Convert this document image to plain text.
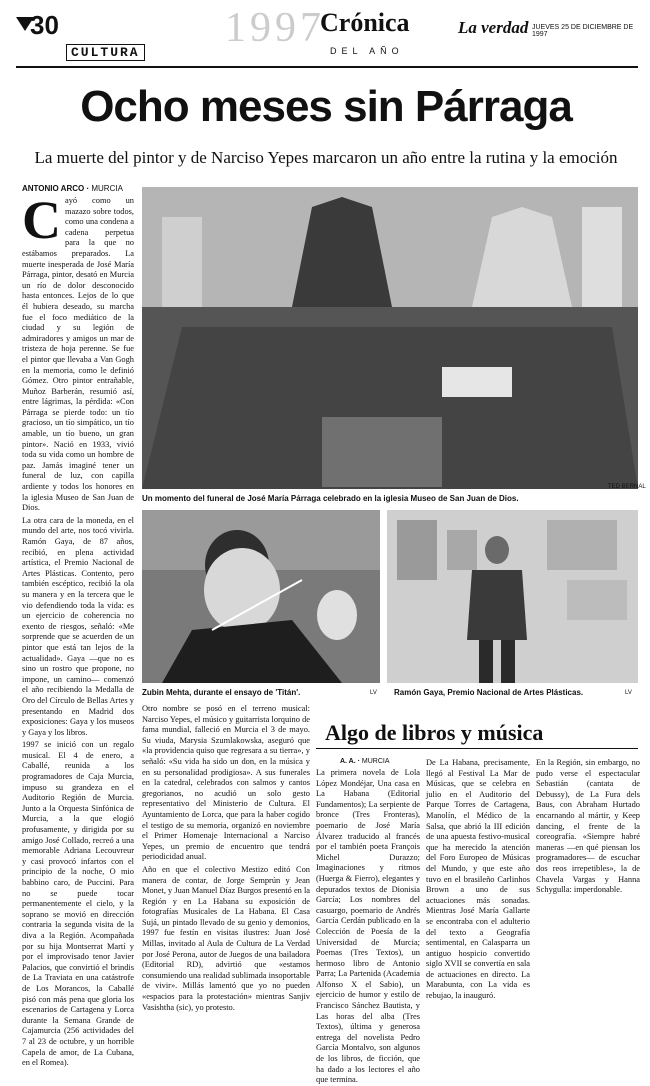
30
CULTURA
1997
Crónica
DEL AÑO
La verdad JUEVES 25 DE DICIEMBRE DE 1997
Ocho meses sin Párraga
La muerte del pintor y de Narciso Yepes marcaron un año entre la rutina y la emoción
ANTONIO ARCO · MURCIA
C ayó como un mazazo sobre todos, como una condena a cadena perpetua para la que no estábamos preparados. La muerte inesperada de José María Párraga, pintor, desató en Murcia un río de dolor desconocido hasta entonces. Lejos de lo que él hubiera deseado, su marcha fue el foco mediático de la ciudad y su legión de admiradores y amigos un mar de tristeza de hoja perenne. Se fue el pintor que llevaba a Van Gogh en la memoria, como le definió Gómez. Otro pintor entrañable, Muñoz Barberán, resumió así, entre lágrimas, la pérdida: «Con Párraga se pierde todo: un tío gracioso, un tío simpático, un tío amable, un tío bueno, un gran pintor». Nació en 1933, vivió toda su vida como un hombre de paz. Jamás imaginé tener un funeral de luz, con capilla ardiente y todos los honores en la iglesia Museo de San Juan de Dios.

La otra cara de la moneda, en el mundo del arte, nos tocó vivirla. Ramón Gaya, de 87 años, recibió, en plena actividad artística, el Premio Nacional de Artes Plásticas. Contento, pero también escéptico, recibió la ola su manera y en la tercera que le vio defendiendo toda la vida: es un ejercicio de coherencia no exento de riesgos, señaló: «Me sorprende que se acuerden de un pintor que está tan lejos de la actualidad». Gaya —que no es sino un rostro que propone, no impone, un camino— comenzó el año recibiendo la Medalla de Oro del Círculo de Bellas Artes y presentando en Madrid dos exposiciones: Gaya y los museos y Gaya y los libros.

1997 se inició con un regalo musical. El 4 de enero, a Caballé, reunida a los programadores de Caja Murcia, impuso su grandeza en el Auditorio Región de Murcia. Junto a la Orquesta Sinfónica de Murcia, a la que elogió profusamente, y dirigida por su amigo José Collado, recreó a una memorable Adriana Lecouvreur y casi provocó infartos con el principio de la noche, O mio babbino caro, de Puccini. Para no se puede tocar permanentemente el cielo, y la soprano se movió en dirección contraria la segunda visita de la diva a la Región. Acompañada por su hija Montserrat Martí y por el improvisado tenor Javier Palacios, que convirtió el brindis de La Traviata en una catástrofe de Los Morancos, la Caballé pisó con más pena que gloria los escenarios de Cartagena y Lorca durante la Semana Grande de Cajamurcia (256 actividades del 7 al 23 de octubre, y un horrible Capela de amor, de La Cubana, en el Romea).

Un momento del funeral de José María Párraga celebrado en la iglesia Museo de San Juan de Dios.
TED BERNAL
Zubin Mehta, durante el ensayo de 'Titán'.	LV Ramón Gaya, Premio Nacional de Artes Plásticas.	LV

Otro nombre se posó en el terreno musical: Narciso Yepes, el músico y guitarrista lorquino de fama mundial, falleció en Murcia el 3 de mayo. Su viuda, Marysia Szumlakowska, aseguró que «la providencia quiso que regresara a su tierra», y señaló: «Su vida ha sido un don, en la música y en su personalidad prodigiosa». A sus funerales en la catedral, celebrados con salmos y cantos gregorianos, no acudió un solo gesto representativo del Ministerio de Cultura. El Ayuntamiento de Lorca, que para la haber cogido el testigo de su memoria, organizó en noviembre el Primer Homenaje Internacional a Narciso Yepes, un premio de encuentro que tendrá periodicidad anual.

Año en que el colectivo Mestizo editó Con manera de contar, de Jorge Semprún y Jean Monet, y Juan Manuel Díaz Burgos presentó en la Región y en La Habana su exposición de fotografías Musicales de La Habana. El Casa Sujá, un pintado llevado de su genio y demonios, 1997 fue festín en visitas ilustres: Juan José Millas, invitado al Aula de Cultura de La Verdad por José Perona, autor de Juegos de una bailadora (Editorial RD), advirtió que «estamos consumiendo una realidad sublimada insoportable de vivir». Millás lamentó que yo no pueden «espacios para la protestación» mientras Sanjiv Vasishtha (sic), yo protesto.

Algo de libros y música
A. A. · MURCIA

La primera novela de Lola López Mondéjar, Una casa en La Habana (Editorial Fundamentos); La serpiente de bronce (Tres Fronteras), poemario de José María Álvarez traducido al francés por el también poeta François Michel Durazzo; Imaginaciones y ritmos (Huerga & Fierro), elegantes y depurados textos de Dionisia García; Los nombres del casuargo, poemario de Andrés García Cerdán publicado en la Colección de Poesía de la Universidad de Murcia; Poemas (Tres Textos), un hermoso libro de Antonio Parra; La Partenida (Academia Alfonso X el Sabio), un ejercicio de humor y estilo de Francisco Sánchez Bautista, y Las horas del alba (Tres Textos), última y generosa entrega del novelista Pedro García Montalvo, son algunos de los libros, de ficción, que ha dado a los lectores el año que termina.

De La Habana, precisamente, llegó al Festival La Mar de Músicas, que se celebra en julio en el Auditorio del Parque Torres de Cartagena, Manolín, el Médico de la Salsa, que abrió la III edición de una apuesta festivo-musical que ha merecido la atención del Foro Europeo de Músicas del Mundo, y que este año tuvo en el brasileño Carlinhos Brown a uno de sus actuaciones más sonadas. Mientras José María Gallarte se encontraba con el adulterio del texto a Geografía sentimental, en Calasparra un antiguo hospicio convertido siglo XVII se convertía en sala de actuaciones en directo. La Marabunta, con La vida es rebujao, la inauguró.

En la Región, sin embargo, no pudo verse el espectacular Sebastián (cantata de Debussy), de La Fura dels Baus, con Abraham Hurtado encarnando al mártir, y Keep dancing, el frente de la coreografía. «Siempre habré maneras —en qué piensan los programadores— de escuchar dos reos irrepetibles», la de Chavela Vargas y Hanna Schygulla: imperdonable.
